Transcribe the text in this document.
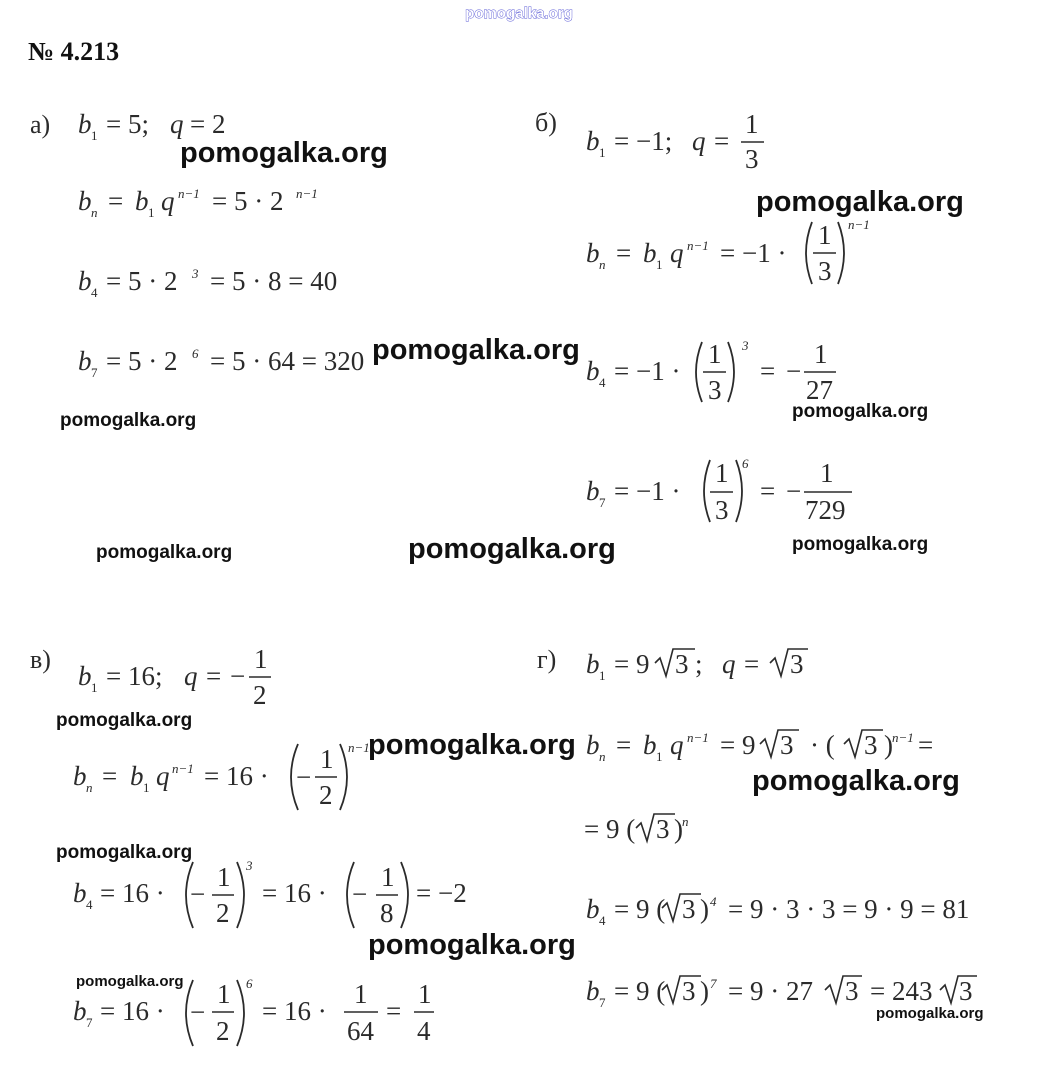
pomogalka.org
№ 4.213
а) b 1 = 5; q = 2
b n = b 1 q n−1 = 5 · 2 n−1
b 4 = 5 · 2 3 = 5 · 8 = 40
b 7 = 5 · 2 6 = 5 · 64 = 320
б)
b 1 = −1; q =
1
3
b n = b 1 q n−1 = −1 ·
1
3
n−1
b 4 = −1 ·
1
3
3
= −
1
27
b 7 = −1 ·
1
3
6
= −
1
729
в)
b 1 = 16; q = −
1
2
b n = b 1 q n−1 = 16 · −
1
2
n−1
b 4 = 16 · −
1
2
3
= 16 · −
1
8
= −2
b 7 = 16 · −
1
2
6
= 16 ·
1
64
=
1
4
г) b 1 = 9 3 ; q = 3
b n = b 1 q n−1 = 9 3 · ( 3 ) n−1 =
= 9 ( 3 ) n
b 4 = 9 ( 3 ) 4 = 9 · 3 · 3 = 9 · 9 = 81
b 7 = 9 ( 3 ) 7 = 9 · 27 3 = 243 3
pomogalka.org
pomogalka.org
pomogalka.org
pomogalka.org	pomogalka.org
pomogalka.org	pomogalka.org	pomogalka.org
pomogalka.org
pomogalka.org
pomogalka.org
pomogalka.org
pomogalka.org
pomogalka.org
pomogalka.org
